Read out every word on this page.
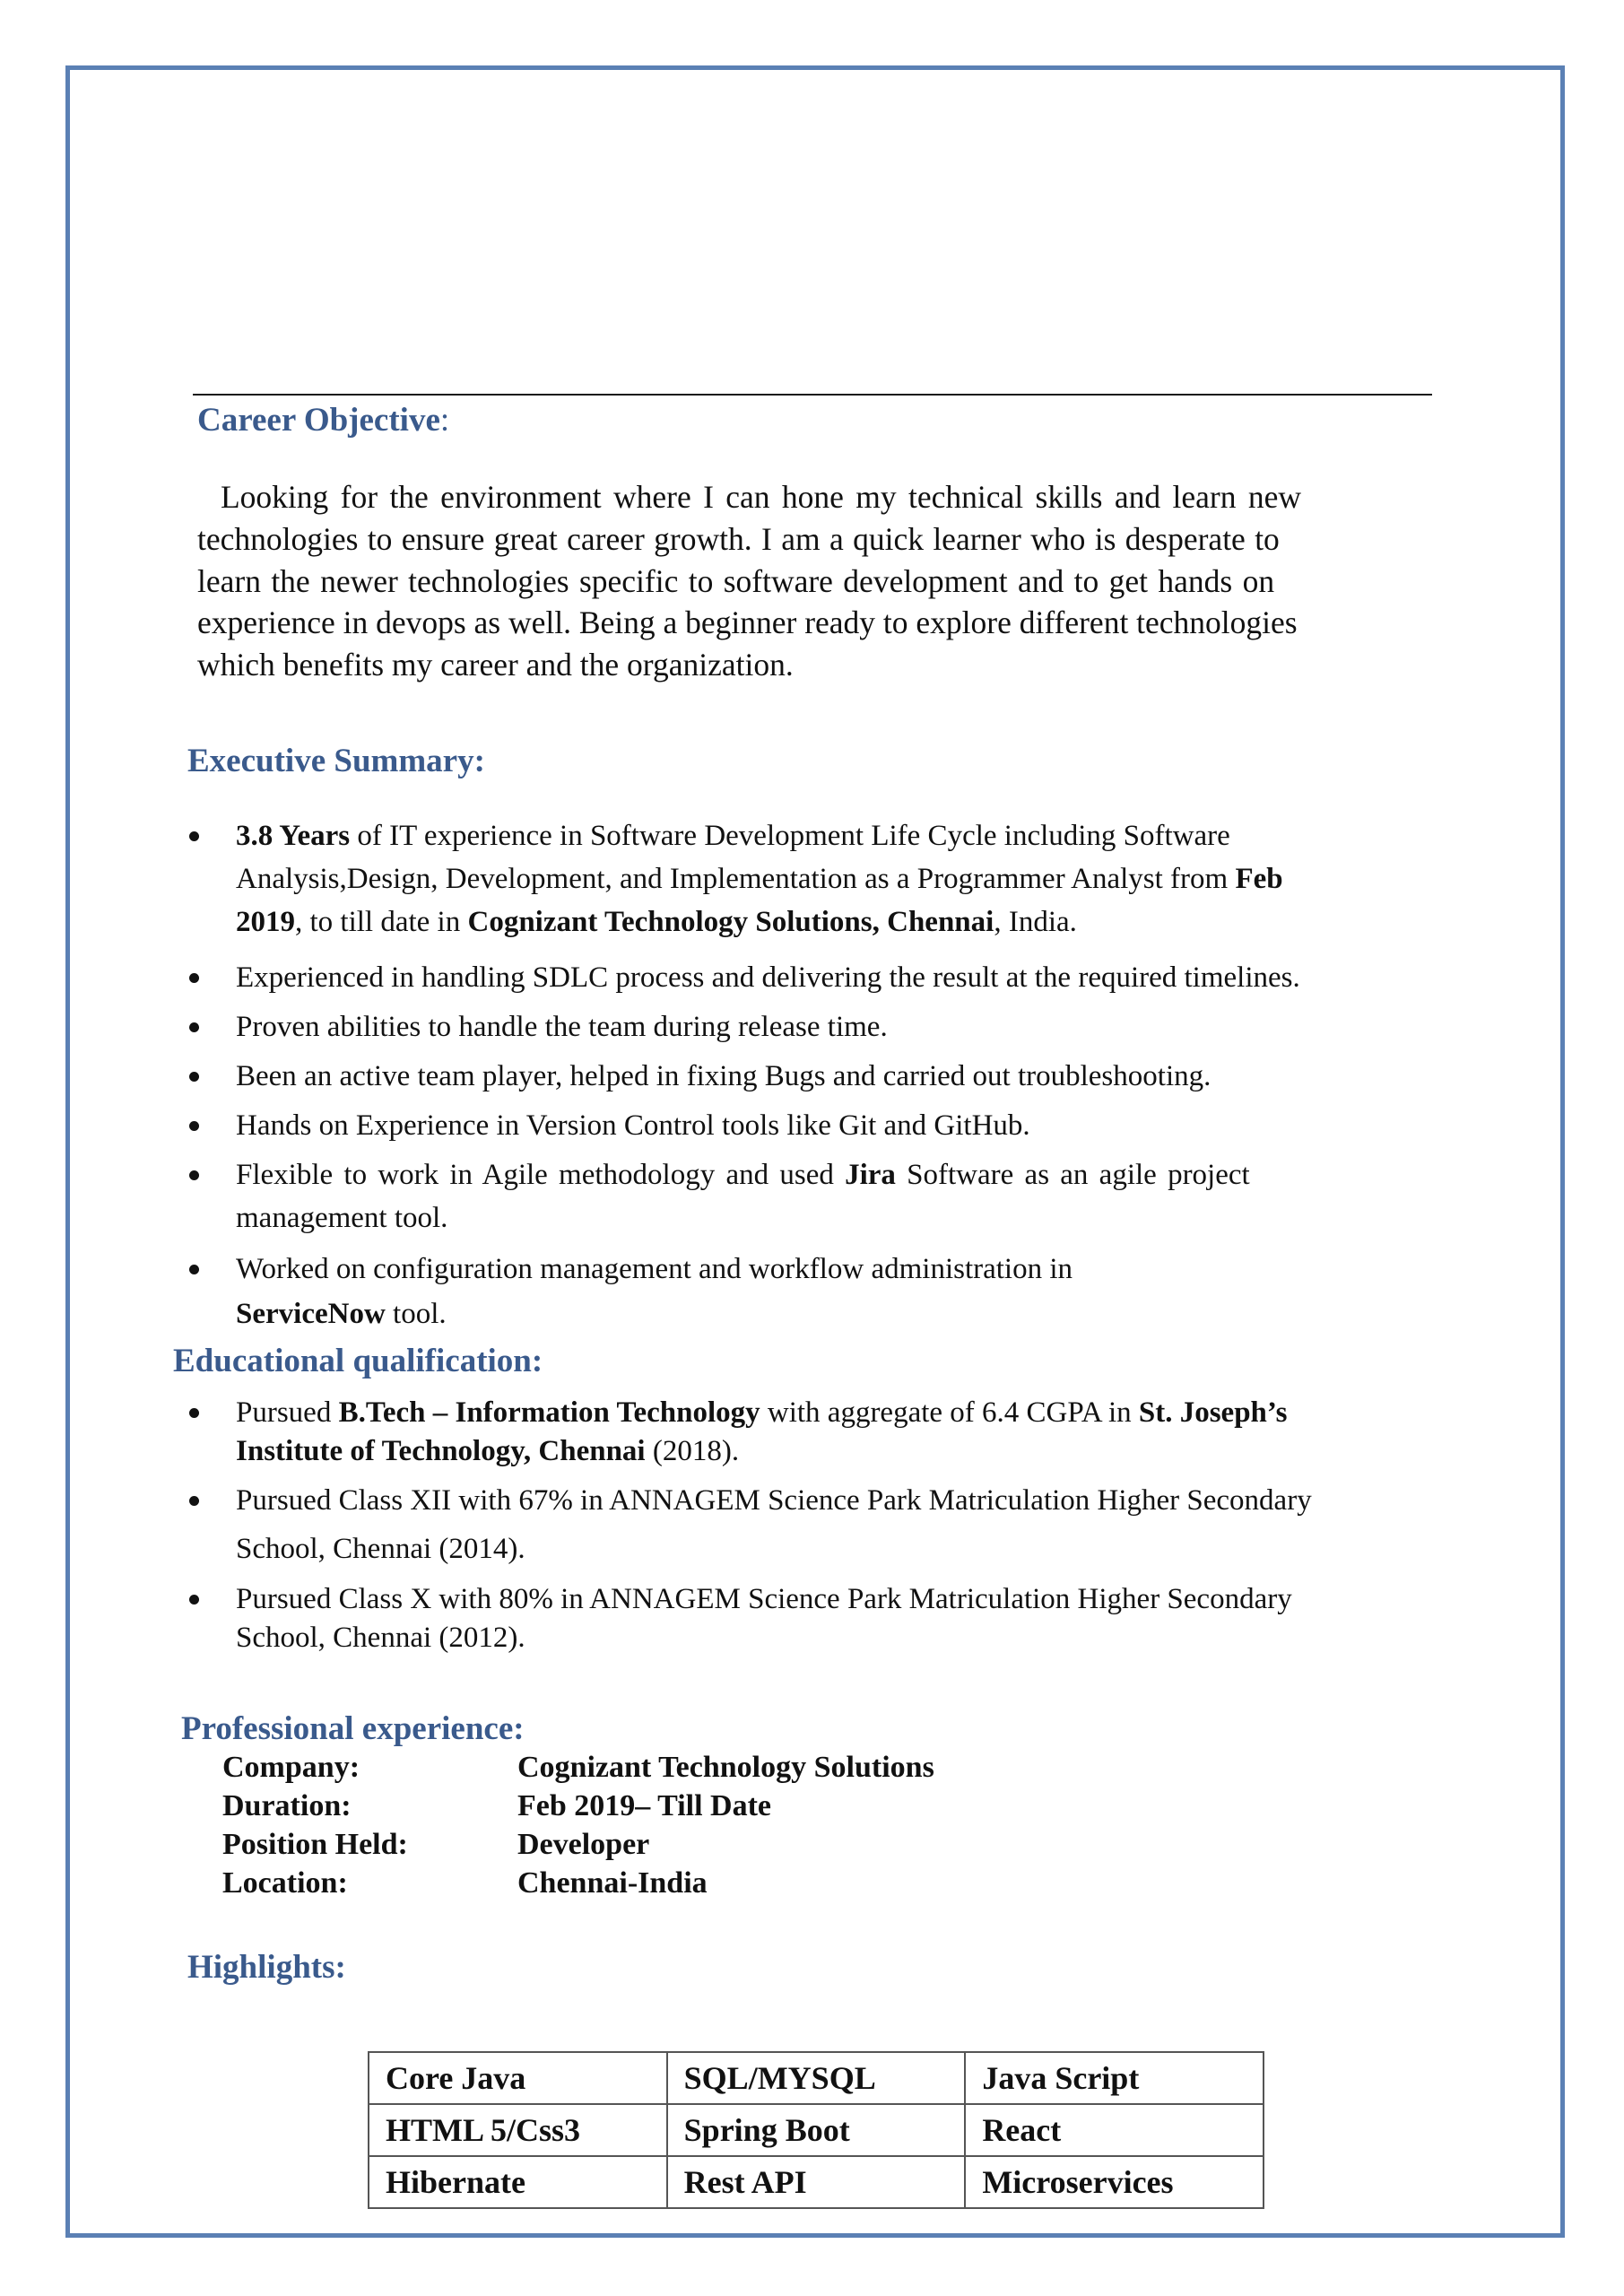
Career Objective:
Looking for the environment where I can hone my technical skills and learn new
technologies to ensure great career growth. I am a quick learner who is desperate to
learn the newer technologies specific to software development and to get hands on
experience in devops as well. Being a beginner ready to explore different technologies
which benefits my career and the organization.
Executive Summary:
3.8 Years of IT experience in Software Development Life Cycle including Software
Analysis,Design, Development, and Implementation as a Programmer Analyst from Feb
2019, to till date in Cognizant Technology Solutions, Chennai, India.
Experienced in handling SDLC process and delivering the result at the required timelines.
Proven abilities to handle the team during release time.
Been an active team player, helped in fixing Bugs and carried out troubleshooting.
Hands on Experience in Version Control tools like Git and GitHub.
Flexible to work in Agile methodology and used Jira Software as an agile project
management tool.
Worked on configuration management and workflow administration in
ServiceNow tool.
Educational qualification:
Pursued B.Tech – Information Technology with aggregate of 6.4 CGPA in St. Joseph’s
Institute of Technology, Chennai (2018).
Pursued Class XII with 67% in ANNAGEM Science Park Matriculation Higher Secondary
School, Chennai (2014).
Pursued Class X with 80% in ANNAGEM Science Park Matriculation Higher Secondary
School, Chennai (2012).
Professional experience:
Company:	Cognizant Technology Solutions
Duration:	Feb 2019– Till Date
Position Held:	Developer
Location:	Chennai-India
Highlights:
Core Java	SQL/MYSQL	Java Script
HTML 5/Css3	Spring Boot	React
Hibernate	Rest API	Microservices
